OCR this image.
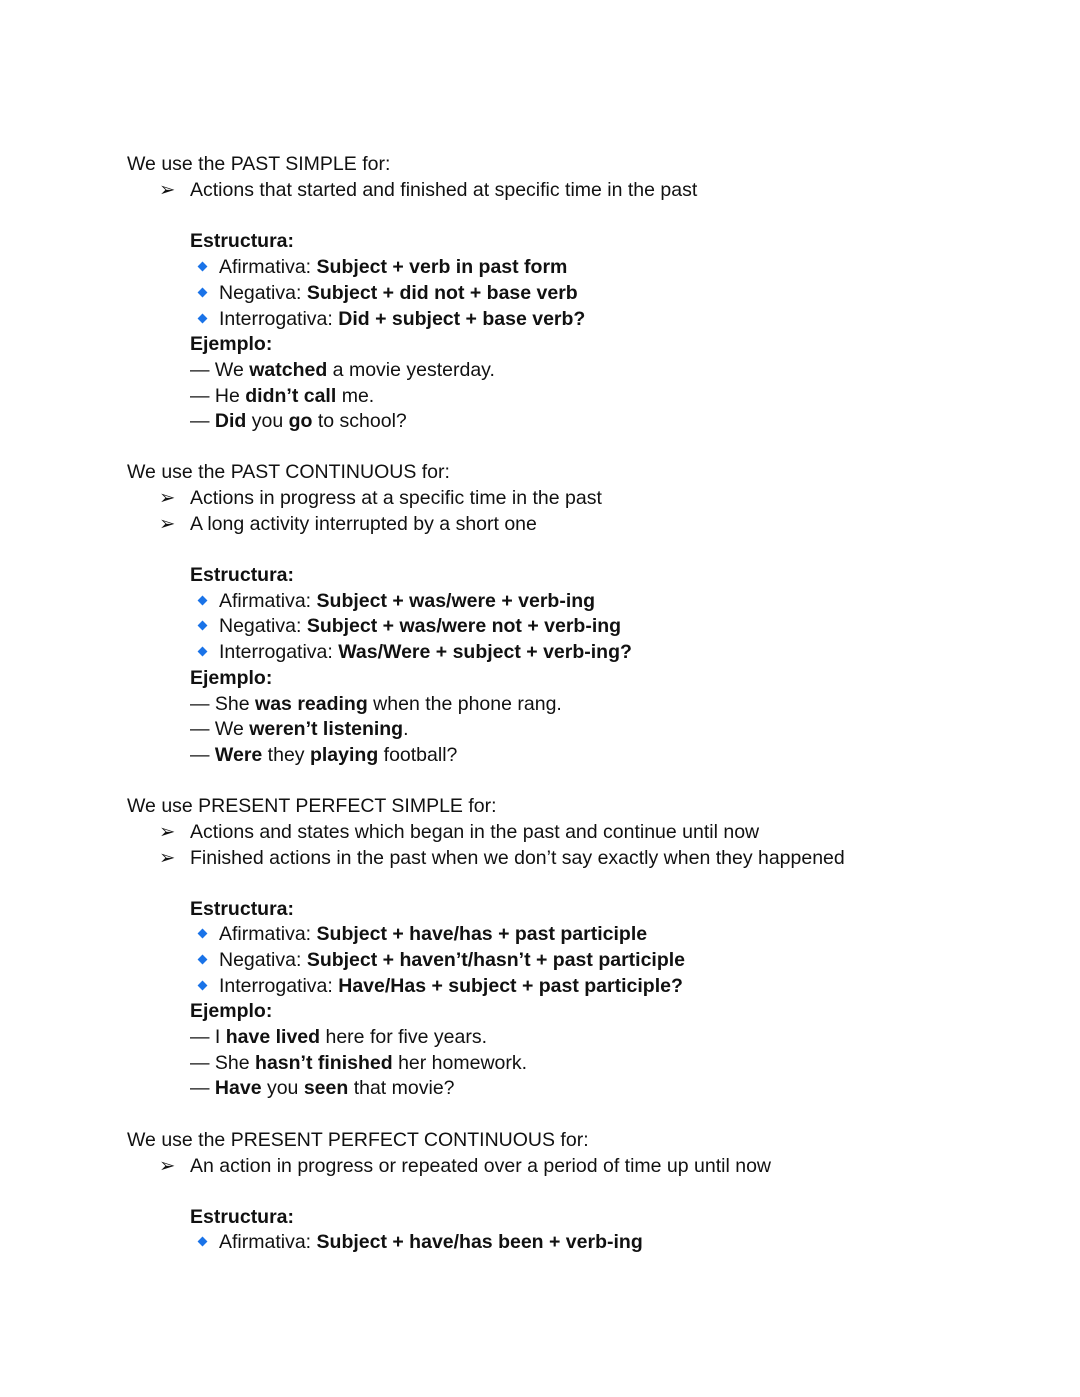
We use the PAST SIMPLE for:
➢ Actions that started and finished at specific time in the past
Estructura:
Afirmativa: Subject + verb in past form
Negativa: Subject + did not + base verb
Interrogativa: Did + subject + base verb?
Ejemplo:
— We watched a movie yesterday.
— He didn’t call me.
— Did you go to school?
We use the PAST CONTINUOUS for:
➢ Actions in progress at a specific time in the past
➢ A long activity interrupted by a short one
Estructura:
Afirmativa: Subject + was/were + verb-ing
Negativa: Subject + was/were not + verb-ing
Interrogativa: Was/Were + subject + verb-ing?
Ejemplo:
— She was reading when the phone rang.
— We weren’t listening.
— Were they playing football?
We use PRESENT PERFECT SIMPLE for:
➢ Actions and states which began in the past and continue until now
➢ Finished actions in the past when we don’t say exactly when they happened
Estructura:
Afirmativa: Subject + have/has + past participle
Negativa: Subject + haven’t/hasn’t + past participle
Interrogativa: Have/Has + subject + past participle?
Ejemplo:
— I have lived here for five years.
— She hasn’t finished her homework.
— Have you seen that movie?
We use the PRESENT PERFECT CONTINUOUS for:
➢ An action in progress or repeated over a period of time up until now
Estructura:
Afirmativa: Subject + have/has been + verb-ing
